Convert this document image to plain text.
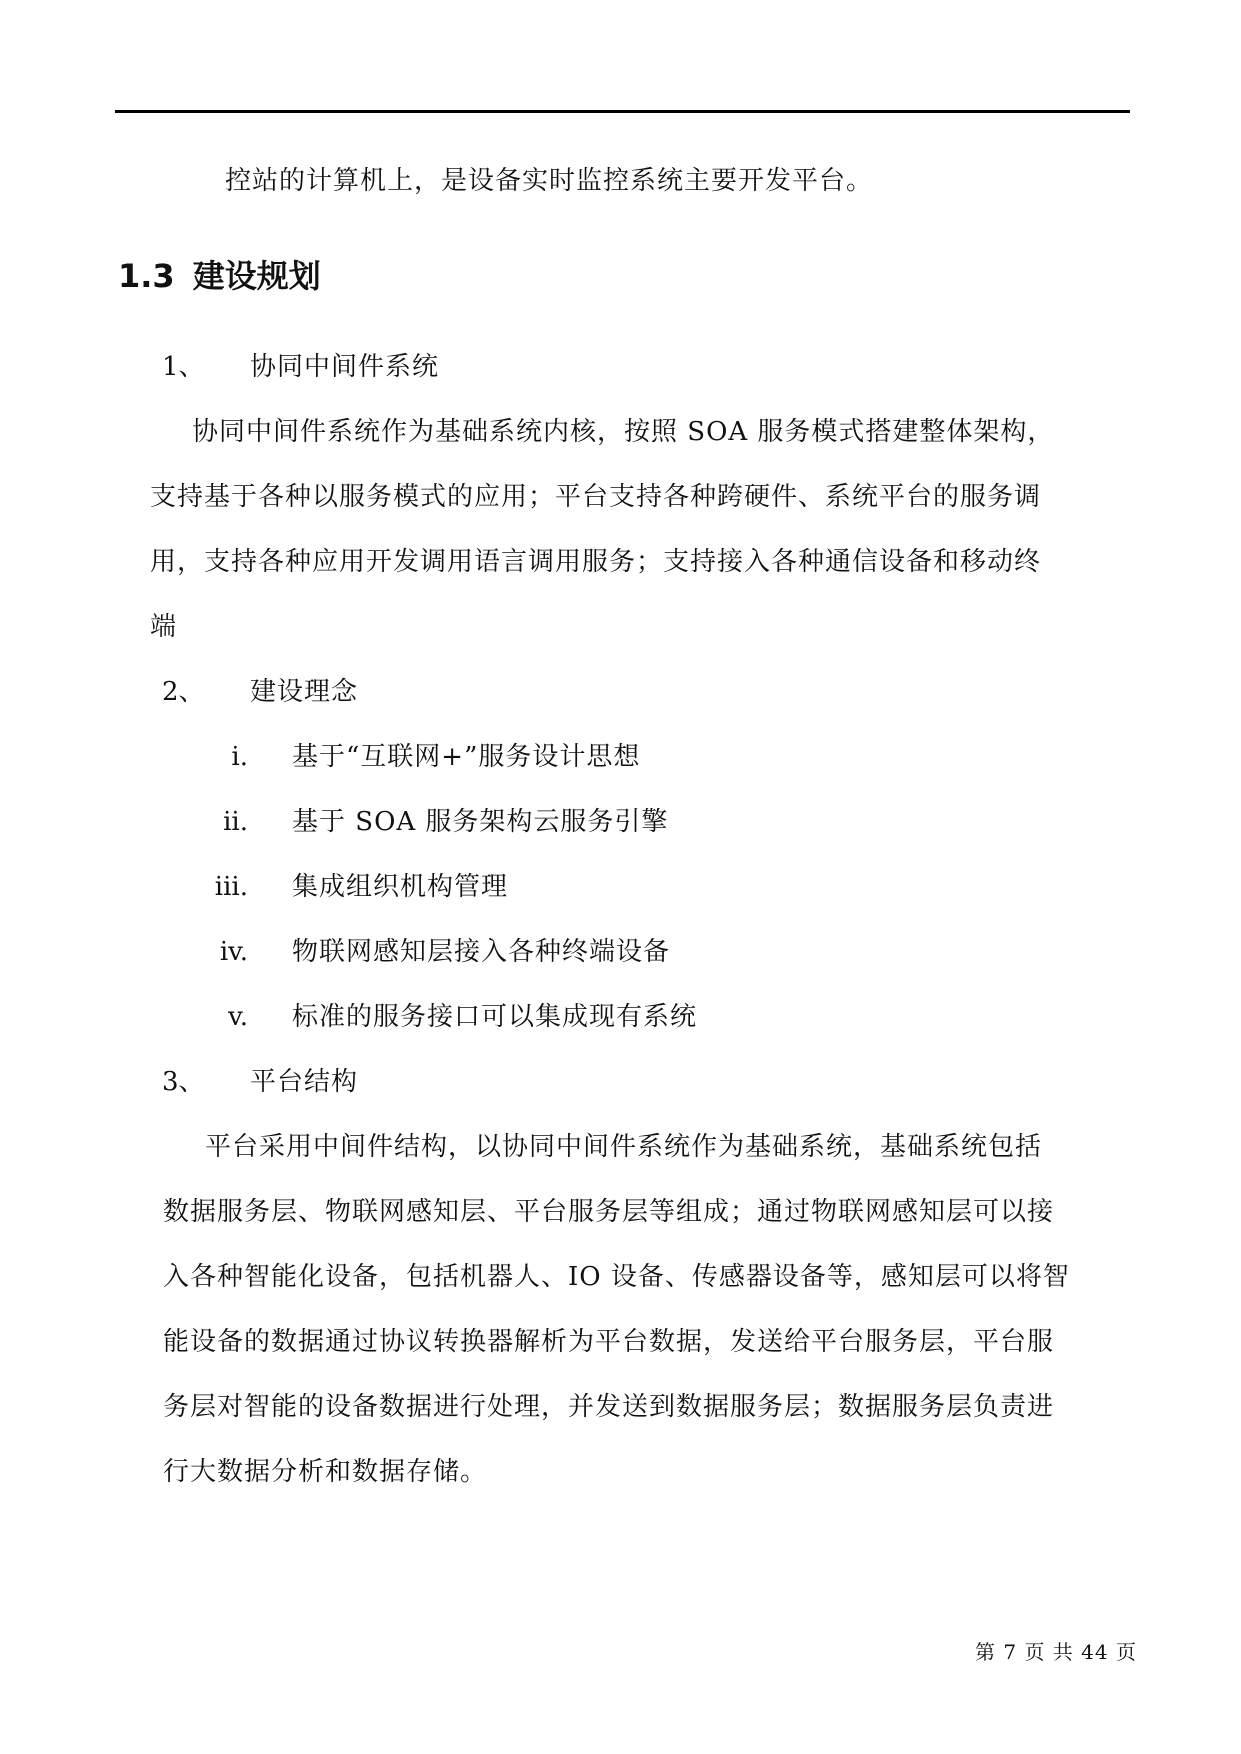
控站的计算机上，是设备实时监控系统主要开发平台。
1.3 建设规划
1、 协同中间件系统
协同中间件系统作为基础系统内核，按照 SOA 服务模式搭建整体架构，
支持基于各种以服务模式的应用；平台支持各种跨硬件、系统平台的服务调
用，支持各种应用开发调用语言调用服务；支持接入各种通信设备和移动终
端
2、 建设理念
i. 基于“互联网+”服务设计思想
ii. 基于 SOA 服务架构云服务引擎
iii. 集成组织机构管理
iv. 物联网感知层接入各种终端设备
v. 标准的服务接口可以集成现有系统
3、 平台结构
平台采用中间件结构，以协同中间件系统作为基础系统，基础系统包括
数据服务层、物联网感知层、平台服务层等组成；通过物联网感知层可以接
入各种智能化设备，包括机器人、IO 设备、传感器设备等，感知层可以将智
能设备的数据通过协议转换器解析为平台数据，发送给平台服务层，平台服
务层对智能的设备数据进行处理，并发送到数据服务层；数据服务层负责进
行大数据分析和数据存储。
第 7 页 共 44 页
